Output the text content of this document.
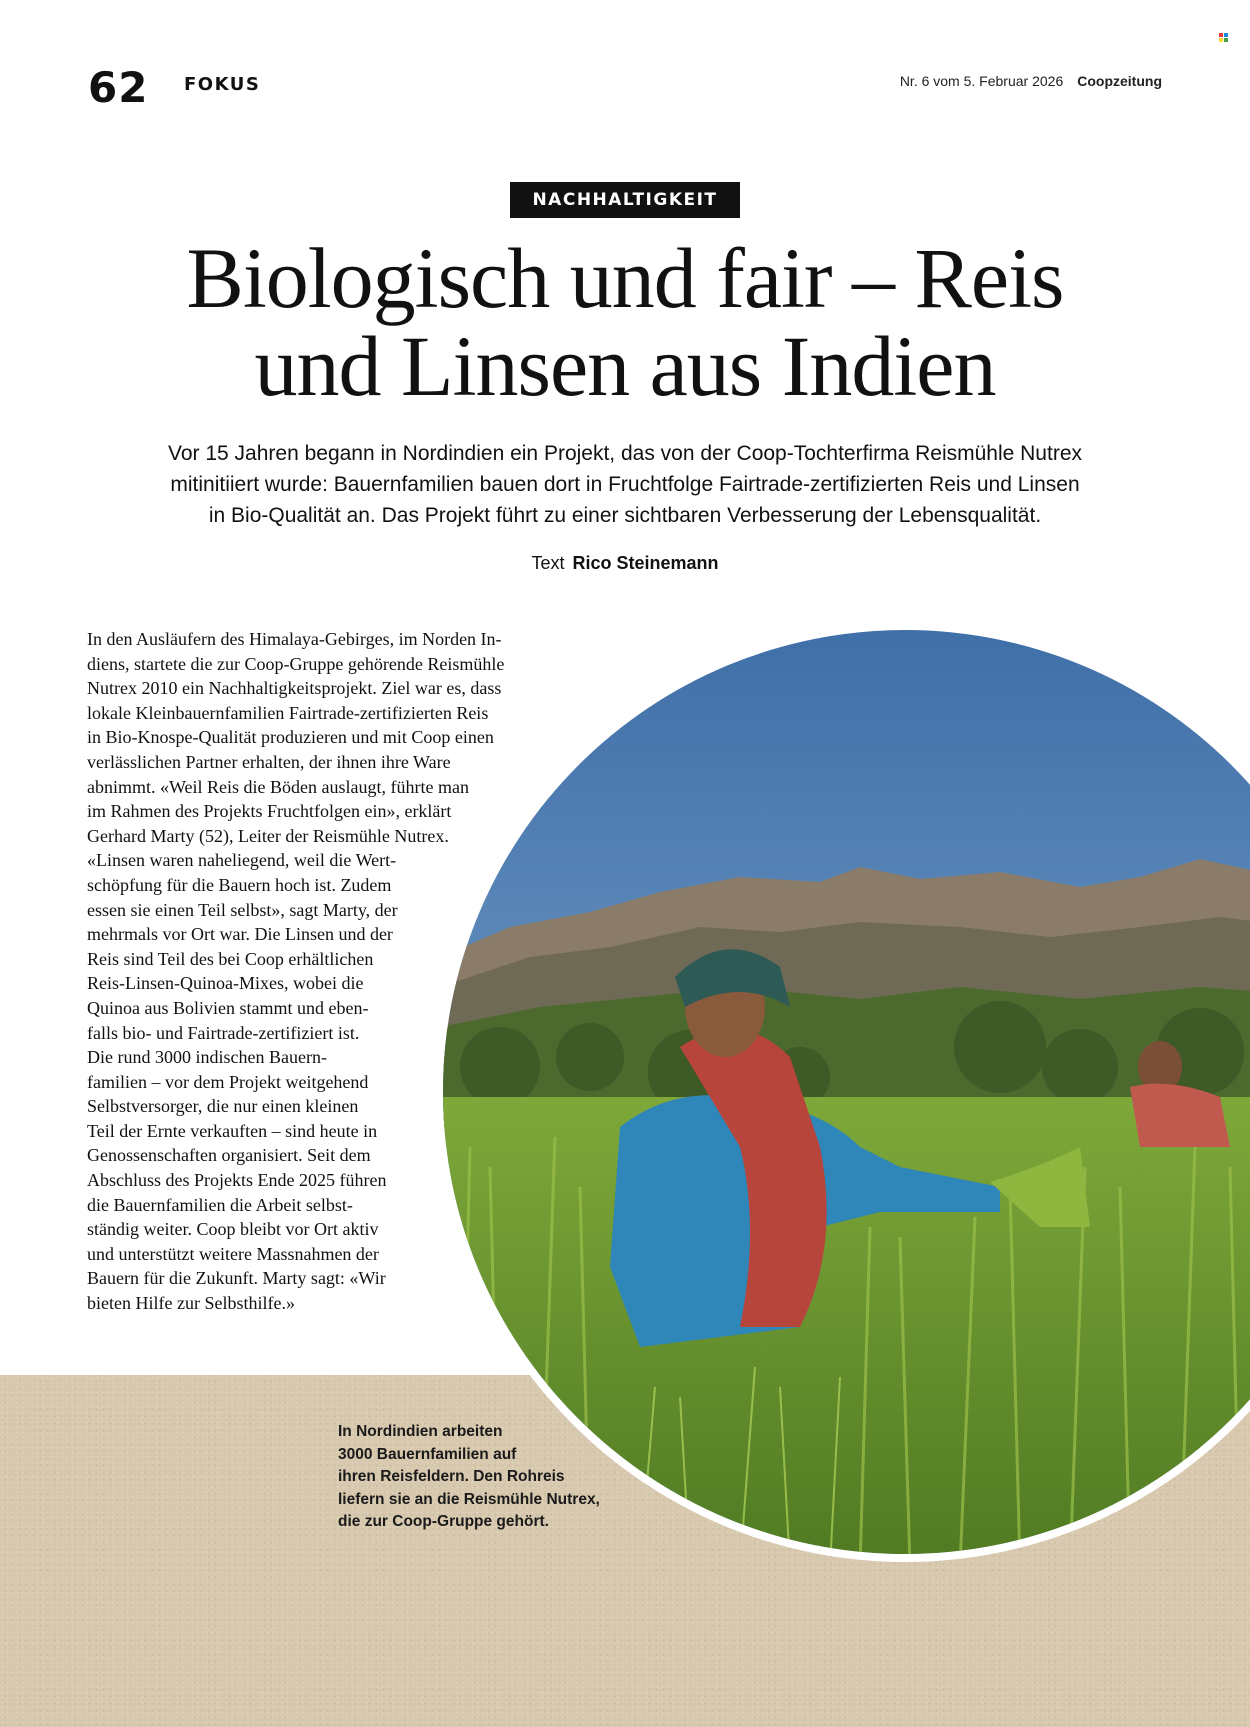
62 FOKUS	Nr. 6 vom 5. Februar 2026 Coopzeitung
NACHHALTIGKEIT
Biologisch und fair – Reis
und Linsen aus Indien

Vor 15 Jahren begann in Nordindien ein Projekt, das von der Coop-Tochterfirma Reismühle Nutrex
mitinitiiert wurde: Bauernfamilien bauen dort in Fruchtfolge Fairtrade-zertifizierten Reis und Linsen
in Bio-Qualität an. Das Projekt führt zu einer sichtbaren Verbesserung der Lebensqualität.

Text Rico Steinemann
In den Ausläufern des Himalaya-Gebirges, im Norden In-
diens, startete die zur Coop-Gruppe gehörende Reismühle
Nutrex 2010 ein Nachhaltigkeitsprojekt. Ziel war es, dass
lokale Kleinbauernfamilien Fairtrade-zertifizierten Reis
in Bio-Knospe-Qualität produzieren und mit Coop einen
verlässlichen Partner erhalten, der ihnen ihre Ware
abnimmt. «Weil Reis die Böden auslaugt, führte man
im Rahmen des Projekts Fruchtfolgen ein», erklärt
Gerhard Marty (52), Leiter der Reismühle Nutrex.
«Linsen waren naheliegend, weil die Wert-
schöpfung für die Bauern hoch ist. Zudem
essen sie einen Teil selbst», sagt Marty, der
mehrmals vor Ort war. Die Linsen und der
Reis sind Teil des bei Coop erhältlichen
Reis-Linsen-Quinoa-Mixes, wobei die
Quinoa aus Bolivien stammt und eben-
falls bio- und Fairtrade-zertifiziert ist.
Die rund 3000 indischen Bauern-
familien – vor dem Projekt weitgehend
Selbstversorger, die nur einen kleinen
Teil der Ernte verkauften – sind heute in
Genossenschaften organisiert. Seit dem
Abschluss des Projekts Ende 2025 führen
die Bauernfamilien die Arbeit selbst-
ständig weiter. Coop bleibt vor Ort aktiv
und unterstützt weitere Massnahmen der
Bauern für die Zukunft. Marty sagt: «Wir
bieten Hilfe zur Selbsthilfe.»
In Nordindien arbeiten
3000 Bauernfamilien auf
ihren Reisfeldern. Den Rohreis
liefern sie an die Reismühle Nutrex,
die zur Coop-Gruppe gehört.
